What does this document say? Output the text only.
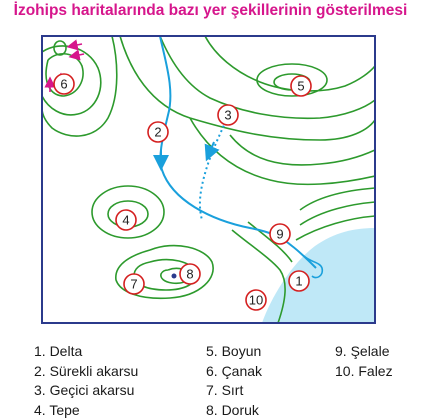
İzohips haritalarında bazı yer şekillerinin gösterilmesi
1
2
3
4
5
6
7
8
9
10
1. Delta
2. Sürekli akarsu
3. Geçici akarsu
4. Tepe
5. Boyun
6. Çanak
7. Sırt
8. Doruk
9. Şelale
10. Falez
